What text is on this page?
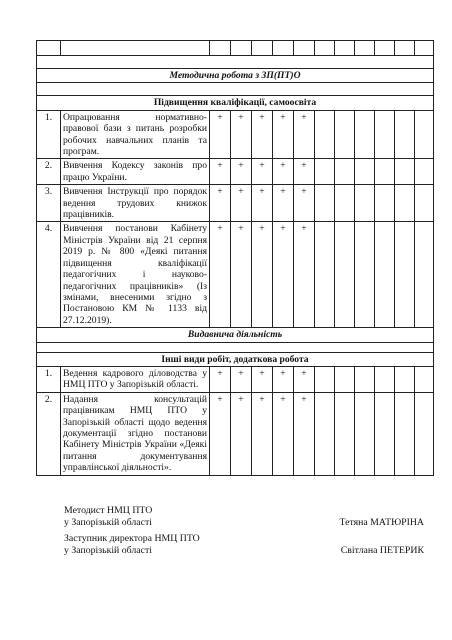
Методична робота з ЗП(ПТ)О												

Підвищення кваліфікації, самоосвіта												
1.	Опрацювання нормативно-правової бази з питань розробки робочих навчальних планів та програм.	+	+	+	+	+						
2.	Вивчення Кодексу законів про працю України.	+	+	+	+	+						
3.	Вивчення Інструкції про порядок ведення трудових книжок працівників.	+	+	+	+	+						
4.	Вивчення постанови Кабінету Міністрів України від 21 серпня 2019 р. № 800 «Деякі питання підвищення кваліфікації педагогічних і науково-педагогічних працівників» (Із змінами, внесеними згідно з Постановою КМ № 1133 від 27.12.2019).	+	+	+	+	+						
Видавнича діяльність												

Інші види робіт, додаткова робота												
1.	Ведення кадрового діловодства у НМЦ ПТО у Запорізькій області.	+	+	+	+	+						
2.	Надання консультацій працівникам НМЦ ПТО у Запорізькій області щодо ведення документації згідно постанови Кабінету Міністрів України «Деякі питання документування управлінської діяльності».	+	+	+	+	+						
Методист НМЦ ПТО
у Запорізькій області	Тетяна МАТЮРІНА
Заступник директора НМЦ ПТО
у Запорізькій області	Світлана ПЕТЕРИК
